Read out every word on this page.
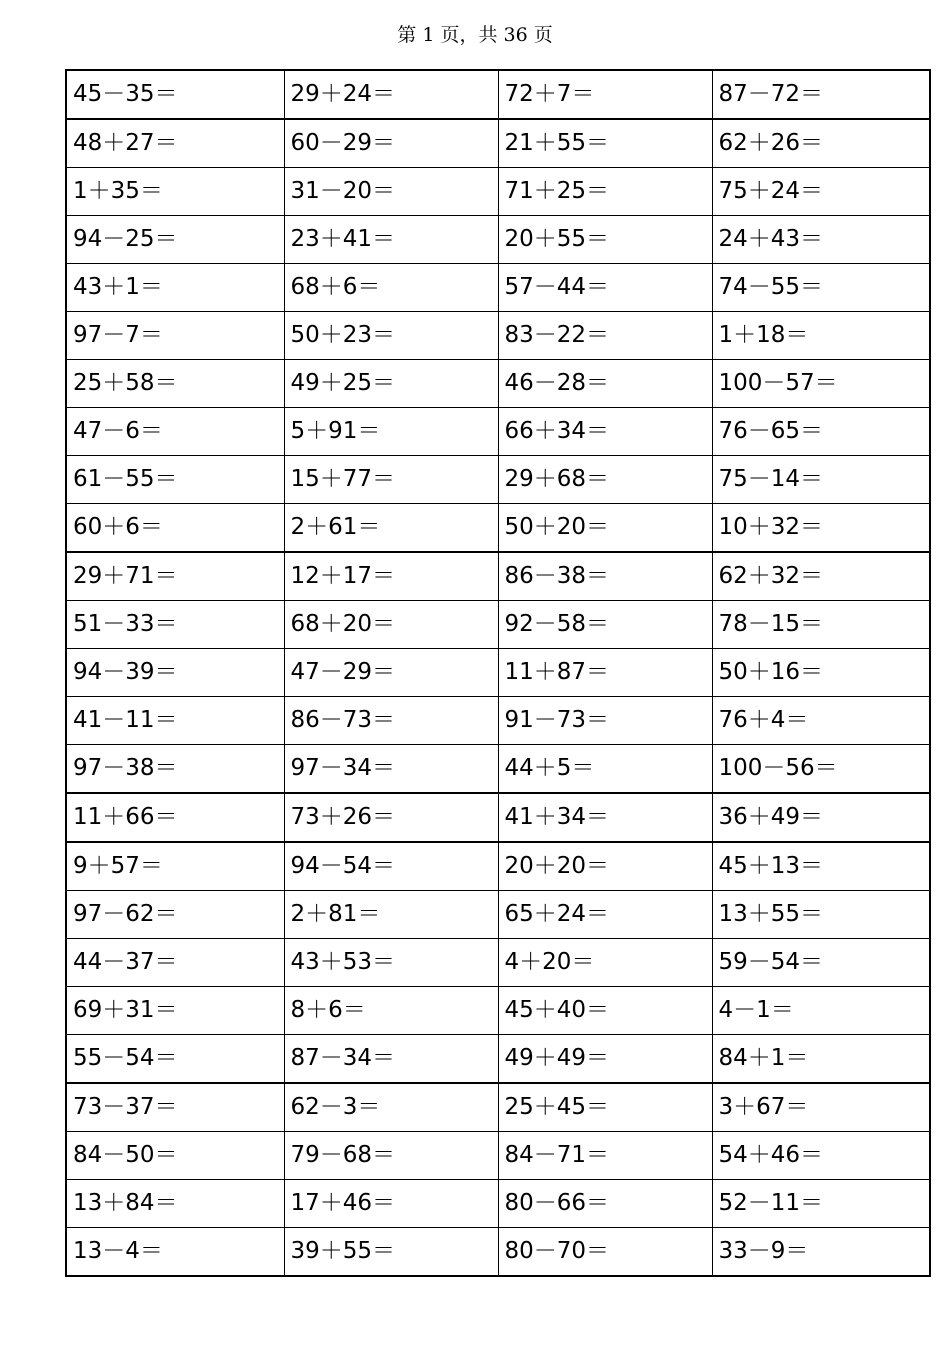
第 1 页，共 36 页
45－35＝	29＋24＝	72＋7＝	87－72＝
48＋27＝	60－29＝	21＋55＝	62＋26＝
1＋35＝	31－20＝	71＋25＝	75＋24＝
94－25＝	23＋41＝	20＋55＝	24＋43＝
43＋1＝	68＋6＝	57－44＝	74－55＝
97－7＝	50＋23＝	83－22＝	1＋18＝
25＋58＝	49＋25＝	46－28＝	100－57＝
47－6＝	5＋91＝	66＋34＝	76－65＝
61－55＝	15＋77＝	29＋68＝	75－14＝
60＋6＝	2＋61＝	50＋20＝	10＋32＝
29＋71＝	12＋17＝	86－38＝	62＋32＝
51－33＝	68＋20＝	92－58＝	78－15＝
94－39＝	47－29＝	11＋87＝	50＋16＝
41－11＝	86－73＝	91－73＝	76＋4＝
97－38＝	97－34＝	44＋5＝	100－56＝
11＋66＝	73＋26＝	41＋34＝	36＋49＝
9＋57＝	94－54＝	20＋20＝	45＋13＝
97－62＝	2＋81＝	65＋24＝	13＋55＝
44－37＝	43＋53＝	4＋20＝	59－54＝
69＋31＝	8＋6＝	45＋40＝	4－1＝
55－54＝	87－34＝	49＋49＝	84＋1＝
73－37＝	62－3＝	25＋45＝	3＋67＝
84－50＝	79－68＝	84－71＝	54＋46＝
13＋84＝	17＋46＝	80－66＝	52－11＝
13－4＝	39＋55＝	80－70＝	33－9＝
